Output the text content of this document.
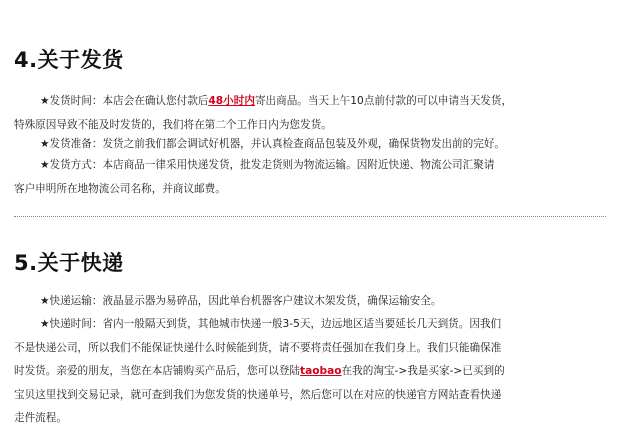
4.关于发货
★发货时间：本店会在确认您付款后48小时内寄出商品。当天上午10点前付款的可以申请当天发货，
特殊原因导致不能及时发货的，我们将在第二个工作日内为您发货。
★发货准备：发货之前我们都会调试好机器，并认真检查商品包装及外观，确保货物发出前的完好。
★发货方式：本店商品一律采用快递发货，批发走货则为物流运输。因附近快递、物流公司汇聚请
客户申明所在地物流公司名称，并商议邮费。
5.关于快递
★快递运输：液晶显示器为易碎品，因此单台机器客户建议木架发货，确保运输安全。
★快递时间：省内一般隔天到货，其他城市快递一般3-5天，边远地区适当要延长几天到货。因我们
不是快递公司，所以我们不能保证快递什么时候能到货，请不要将责任强加在我们身上。我们只能确保准
时发货。亲爱的朋友，当您在本店铺购买产品后，您可以登陆taobao在我的淘宝->我是买家->已买到的
宝贝这里找到交易记录，就可查到我们为您发货的快递单号，然后您可以在对应的快递官方网站查看快递
走件流程。
